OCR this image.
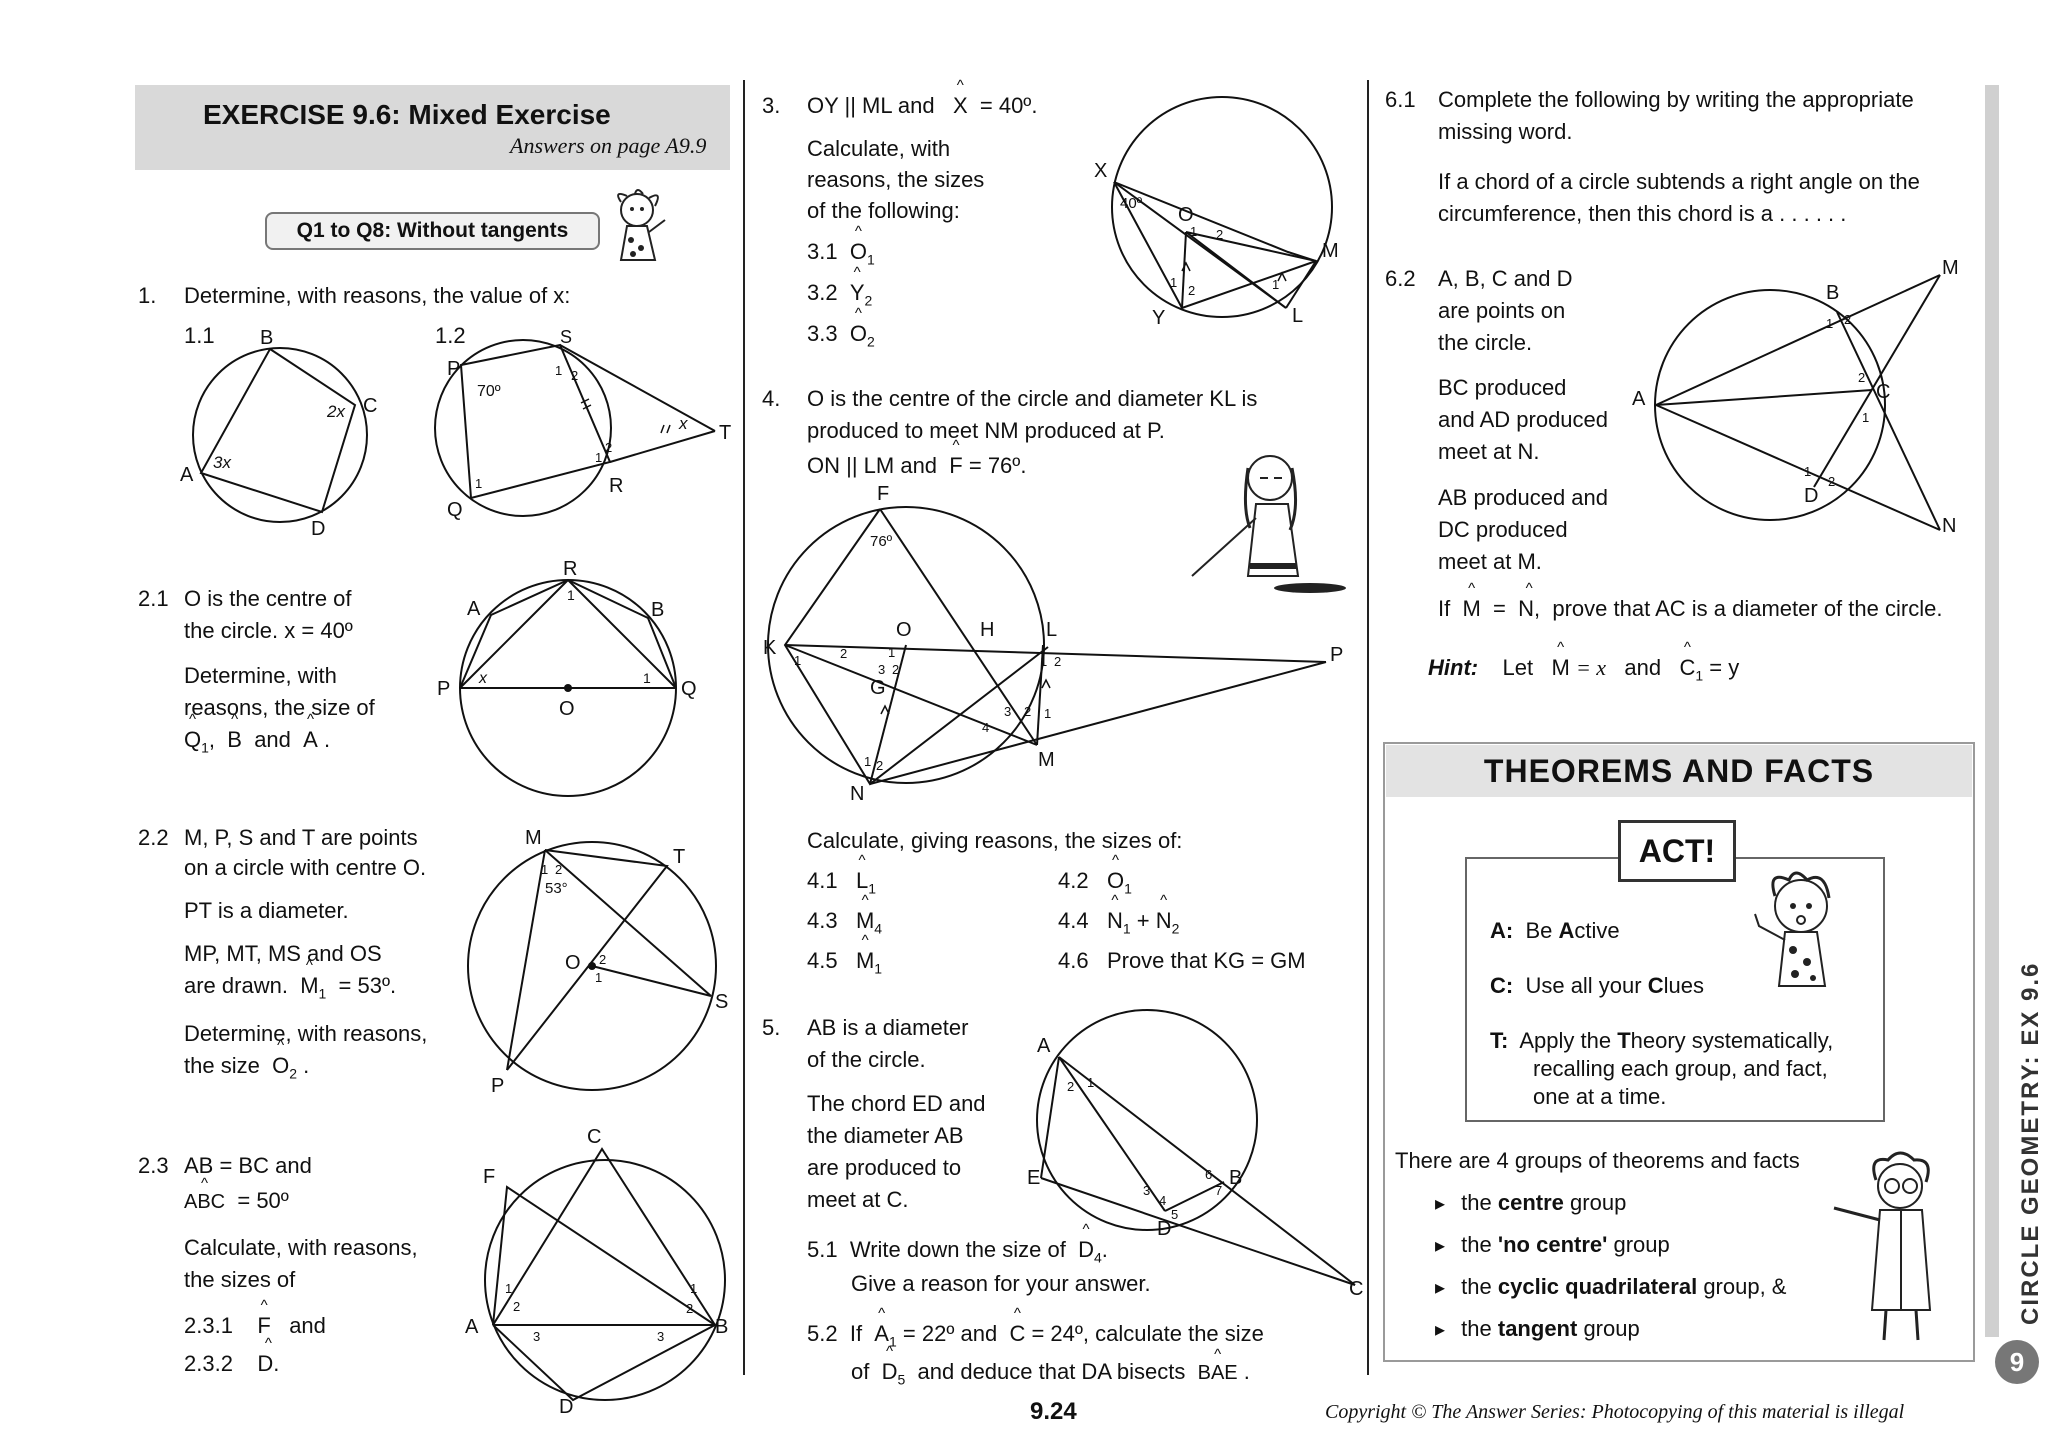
EXERCISE 9.6: Mixed Exercise
Answers on page A9.9
Q1 to Q8: Without tangents
1. Determine, with reasons, the value of x:
1.1	1.2
B
C
A
D
2x
3x
S
P
T
Q
R
70º
x
1 2
1
2
1
2.1 O is the centre of
the circle. x = 40º
Determine, with
reasons, the size of
^ $Q_1$,  ^ B and ^ A .
R
A	B
P	Q
O
x	1
1
2.2 M, P, S and T are points
on a circle with centre O.
PT is a diameter.
MP, MT, MS and OS
are drawn. ^ $M_1$ = 53º.
Determine, with reasons,
the size ^ $O_2$ .
M
T
O
S
P
53°
1 2
2
1
2.3 AB = BC and
^ ABC = 50º
Calculate, with reasons,
the sizes of
2.3.1 ^ F and
2.3.2 ^ D.
C
F
A	B
D
1
2
3
1
2
3
3. OY || ML and ^ X = 40º.
Calculate, with
reasons, the sizes
of the following:
3.1 ^ $O_1$
3.2 ^ $Y_2$
3.3 ^ $O_2$
X
O
M
Y	L
40º
1 2
1
2	1
4. O is the centre of the circle and diameter KL is
produced to meet NM produced at P.
ON || LM and ^ F = 76º.
F
K
O	H	L
P
G
M
N
76º
1	2	1
3 2
1 2
3 2 1
4
1 2
Calculate, giving reasons, the sizes of:
4.1 ^ $L_1$	4.2 ^ $O_1$
4.3 ^ $M_4$	4.4 ^ $N_1$ + ^ $N_2$
4.5 ^ $M_1$	4.6 Prove that KG = GM
5. AB is a diameter
of the circle.
The chord ED and
the diameter AB
are produced to
meet at C.
5.1 Write down the size of ^ $D_4$.
Give a reason for your answer.
5.2 If ^ $A_1$ = 22º and ^ C = 24º, calculate the size
of ^ $D_5$ and deduce that DA bisects ^ BAE .
A
E	B
D
C
1
2
3
4
5
6
7
6.1 Complete the following by writing the appropriate
missing word.
If a chord of a circle subtends a right angle on the
circumference, then this chord is a . . . . . .
6.2 A, B, C and D
are points on
the circle.
BC produced
and AD produced
meet at N.
AB produced and
DC produced
meet at M.
If ^ M = ^ N, prove that AC is a diameter of the circle.
Hint: Let ^ M = x and ^ $C_1 = y$
M
B
A	C
D
N
1 2
2
1
1
2
THEOREMS AND FACTS
ACT!
A: Be Active
C: Use all your Clues
T: Apply the Theory systematically,
recalling each group, and fact,
one at a time.
There are 4 groups of theorems and facts
▸ the centre group
▸ the 'no centre' group
▸ the cyclic quadrilateral group, &
▸ the tangent group
CIRCLE GEOMETRY: EX 9.6
9
9.24	Copyright © The Answer Series: Photocopying of this material is illegal
